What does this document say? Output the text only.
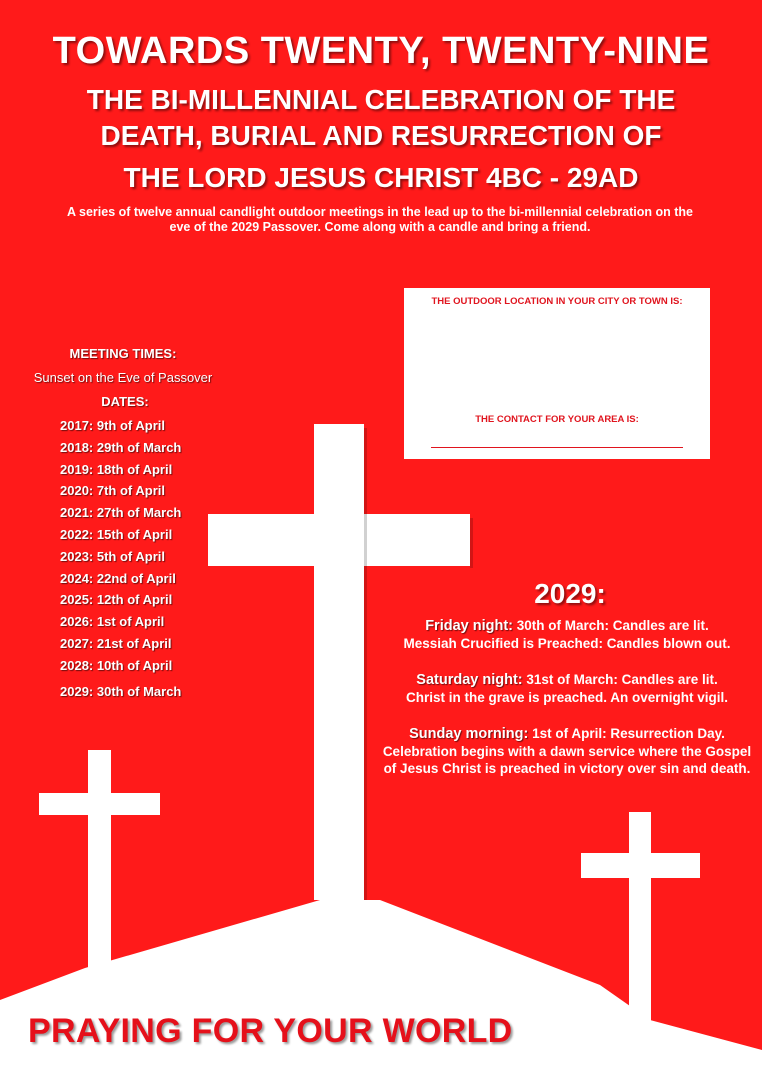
TOWARDS TWENTY, TWENTY-NINE
THE BI-MILLENNIAL CELEBRATION OF THE
DEATH, BURIAL AND RESURRECTION OF
THE LORD JESUS CHRIST 4BC - 29AD
A series of twelve annual candlight outdoor meetings in the lead up to the bi-millennial celebration on the eve of the 2029 Passover. Come along with a candle and bring a friend.
THE OUTDOOR LOCATION IN YOUR CITY OR TOWN IS:
THE CONTACT FOR YOUR AREA IS:
MEETING TIMES:
Sunset on the Eve of Passover
DATES:
2017: 9th of April
2018: 29th of March
2019: 18th of April
2020: 7th of April
2021: 27th of March
2022: 15th of April
2023: 5th of April
2024: 22nd of April
2025: 12th of April
2026: 1st of April
2027: 21st of April
2028: 10th of April
2029: 30th of March
2029:
Friday night: 30th of March: Candles are lit.
Messiah Crucified is Preached: Candles blown out.
Saturday night: 31st of March: Candles are lit.
Christ in the grave is preached. An overnight vigil.
Sunday morning: 1st of April: Resurrection Day.
Celebration begins with a dawn service where the Gospel of Jesus Christ is preached in victory over sin and death.
PRAYING FOR YOUR WORLD
